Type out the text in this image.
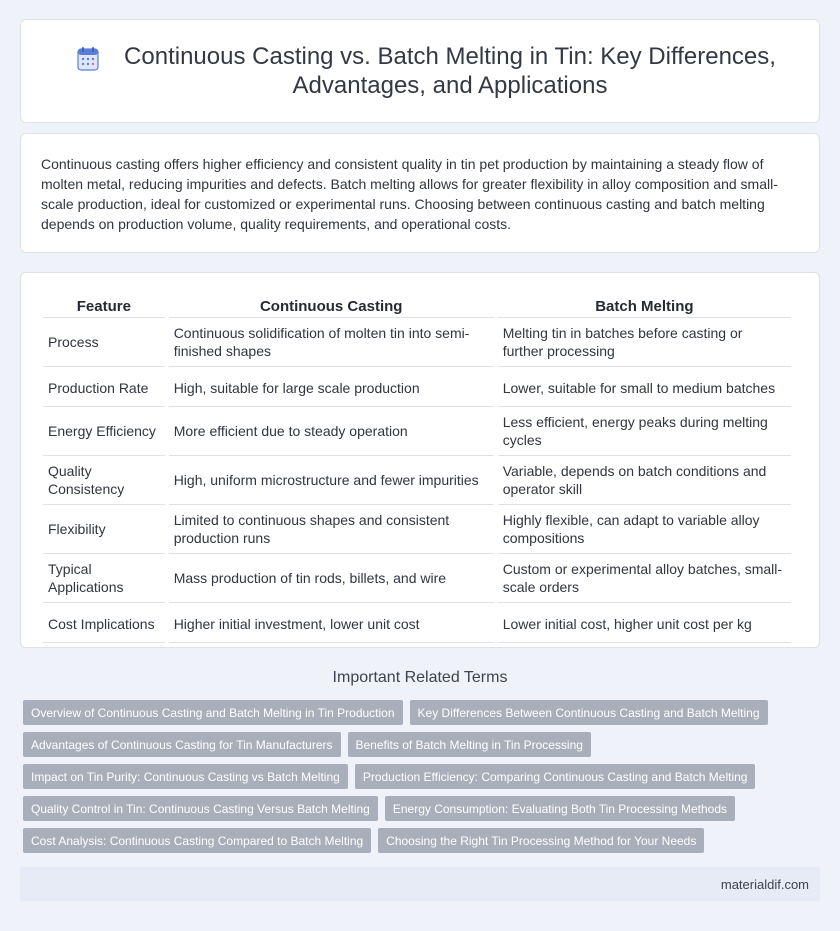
Continuous Casting vs. Batch Melting in Tin: Key Differences, Advantages, and Applications

Continuous casting offers higher efficiency and consistent quality in tin pet production by maintaining a steady flow of molten metal, reducing impurities and defects. Batch melting allows for greater flexibility in alloy composition and small-scale production, ideal for customized or experimental runs. Choosing between continuous casting and batch melting depends on production volume, quality requirements, and operational costs.

Feature	Continuous Casting	Batch Melting
Process	Continuous solidification of molten tin into semi-finished shapes	Melting tin in batches before casting or further processing
Production Rate	High, suitable for large scale production	Lower, suitable for small to medium batches
Energy Efficiency	More efficient due to steady operation	Less efficient, energy peaks during melting cycles
Quality Consistency	High, uniform microstructure and fewer impurities	Variable, depends on batch conditions and operator skill
Flexibility	Limited to continuous shapes and consistent production runs	Highly flexible, can adapt to variable alloy compositions
Typical Applications	Mass production of tin rods, billets, and wire	Custom or experimental alloy batches, small-scale orders
Cost Implications	Higher initial investment, lower unit cost	Lower initial cost, higher unit cost per kg
Important Related Terms
Overview of Continuous Casting and Batch Melting in Tin Production	Key Differences Between Continuous Casting and Batch Melting
Advantages of Continuous Casting for Tin Manufacturers	Benefits of Batch Melting in Tin Processing
Impact on Tin Purity: Continuous Casting vs Batch Melting	Production Efficiency: Comparing Continuous Casting and Batch Melting
Quality Control in Tin: Continuous Casting Versus Batch Melting	Energy Consumption: Evaluating Both Tin Processing Methods
Cost Analysis: Continuous Casting Compared to Batch Melting	Choosing the Right Tin Processing Method for Your Needs
materialdif.com
